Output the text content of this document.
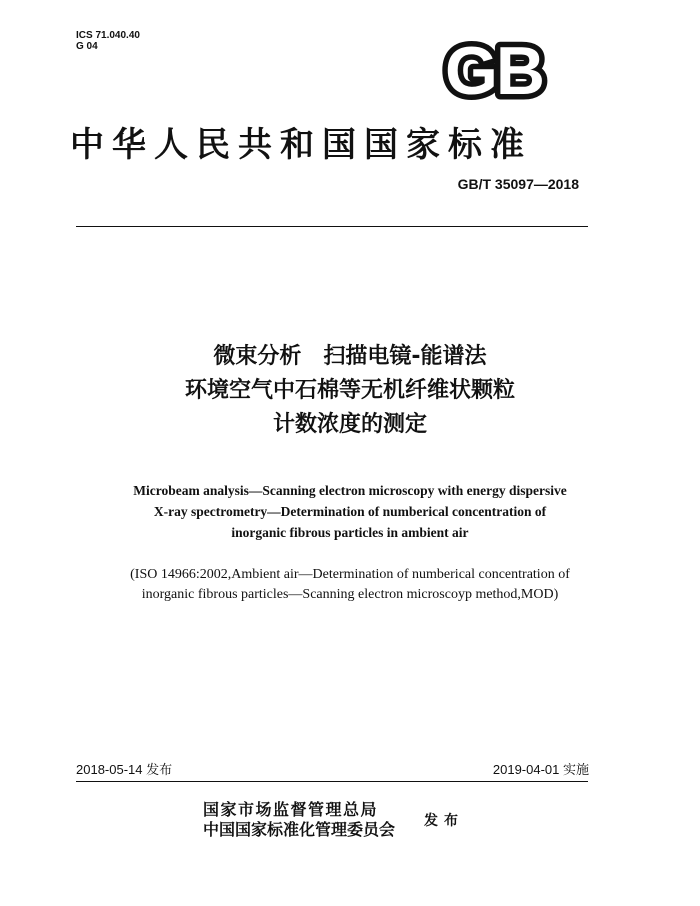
ICS 71.040.40
G 04	GB
中华人民共和国国家标准
GB/T 35097—2018
微束分析　扫描电镜-能谱法
环境空气中石棉等无机纤维状颗粒
计数浓度的测定
Microbeam analysis—Scanning electron microscopy with energy dispersive
X-ray spectrometry—Determination of numberical concentration of
inorganic fibrous particles in ambient air
(ISO 14966:2002,Ambient air—Determination of numberical concentration of
inorganic fibrous particles—Scanning electron microscoyp method,MOD)
2018-05-14 发布	2019-04-01 实施
国家市场监督管理总局
中国国家标准化管理委员会 发布
